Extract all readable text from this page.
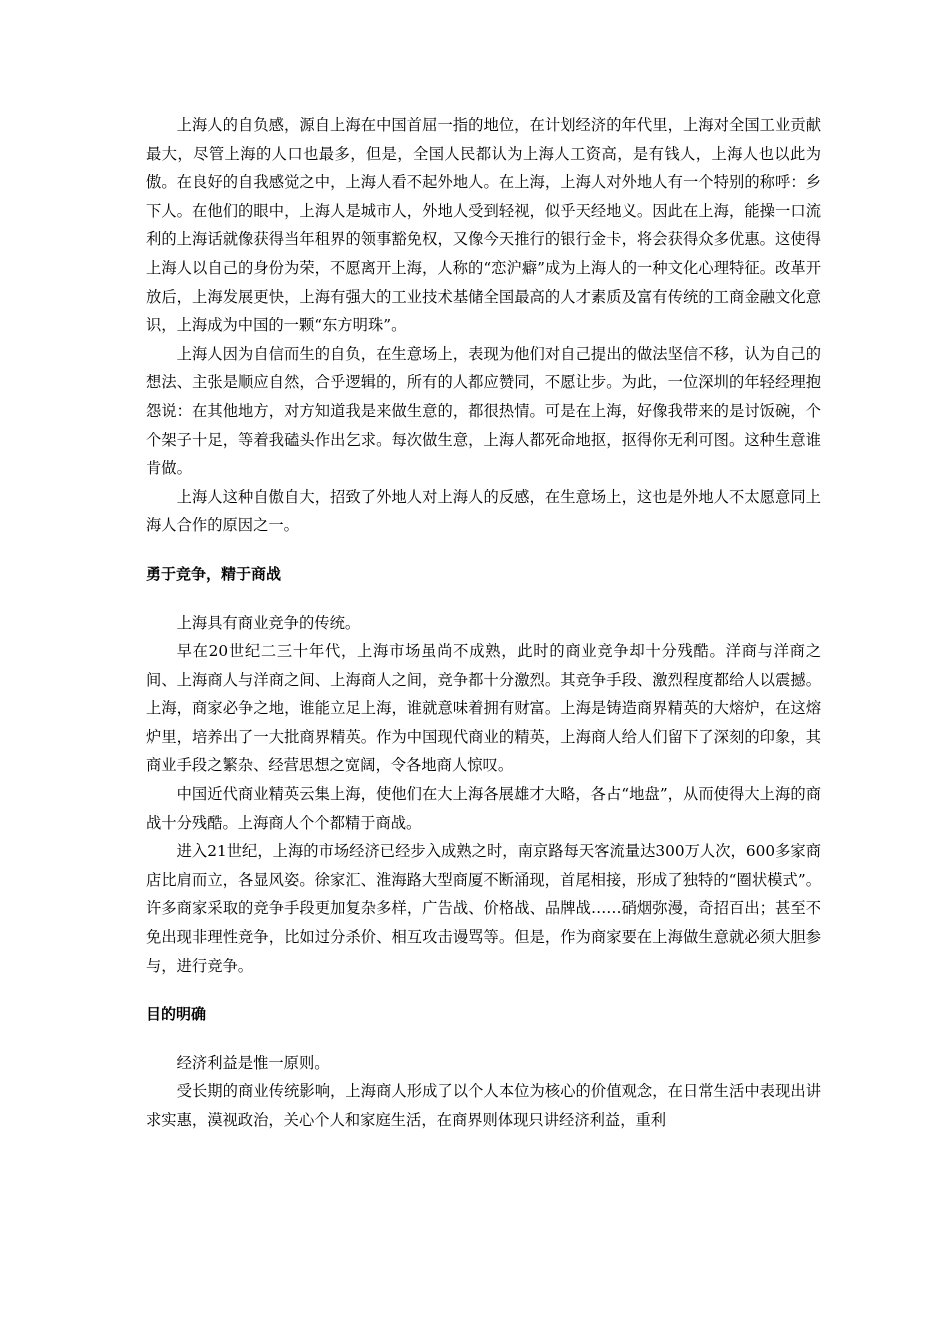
上海人的自负感，源自上海在中国首屈一指的地位，在计划经济的年代里，上海对全国工业贡献最大，尽管上海的人口也最多，但是，全国人民都认为上海人工资高，是有钱人，上海人也以此为傲。在良好的自我感觉之中，上海人看不起外地人。在上海，上海人对外地人有一个特别的称呼：乡下人。在他们的眼中，上海人是城市人，外地人受到轻视，似乎天经地义。因此在上海，能操一口流利的上海话就像获得当年租界的领事豁免权，又像今天推行的银行金卡，将会获得众多优惠。这使得上海人以自己的身份为荣，不愿离开上海，人称的“恋沪癖”成为上海人的一种文化心理特征。改革开放后，上海发展更快，上海有强大的工业技术基储全国最高的人才素质及富有传统的工商金融文化意识，上海成为中国的一颗“东方明珠”。

上海人因为自信而生的自负，在生意场上，表现为他们对自己提出的做法坚信不移，认为自己的想法、主张是顺应自然，合乎逻辑的，所有的人都应赞同，不愿让步。为此，一位深圳的年轻经理抱怨说：在其他地方，对方知道我是来做生意的，都很热情。可是在上海，好像我带来的是讨饭碗，个个架子十足，等着我磕头作出乞求。每次做生意，上海人都死命地抠，抠得你无利可图。这种生意谁肯做。

上海人这种自傲自大，招致了外地人对上海人的反感，在生意场上，这也是外地人不太愿意同上海人合作的原因之一。

勇于竞争，精于商战

上海具有商业竞争的传统。

早在20世纪二三十年代，上海市场虽尚不成熟，此时的商业竞争却十分残酷。洋商与洋商之间、上海商人与洋商之间、上海商人之间，竞争都十分激烈。其竞争手段、激烈程度都给人以震撼。上海，商家必争之地，谁能立足上海，谁就意味着拥有财富。上海是铸造商界精英的大熔炉，在这熔炉里，培养出了一大批商界精英。作为中国现代商业的精英，上海商人给人们留下了深刻的印象，其商业手段之繁杂、经营思想之宽阔，令各地商人惊叹。

中国近代商业精英云集上海，使他们在大上海各展雄才大略，各占“地盘”，从而使得大上海的商战十分残酷。上海商人个个都精于商战。

进入21世纪，上海的市场经济已经步入成熟之时，南京路每天客流量达300万人次，600多家商店比肩而立，各显风姿。徐家汇、淮海路大型商厦不断涌现，首尾相接，形成了独特的“圈状模式”。许多商家采取的竞争手段更加复杂多样，广告战、价格战、品牌战……硝烟弥漫，奇招百出；甚至不免出现非理性竞争，比如过分杀价、相互攻击谩骂等。但是，作为商家要在上海做生意就必须大胆参与，进行竞争。

目的明确

经济利益是惟一原则。

受长期的商业传统影响，上海商人形成了以个人本位为核心的价值观念，在日常生活中表现出讲求实惠，漠视政治，关心个人和家庭生活，在商界则体现只讲经济利益，重利
